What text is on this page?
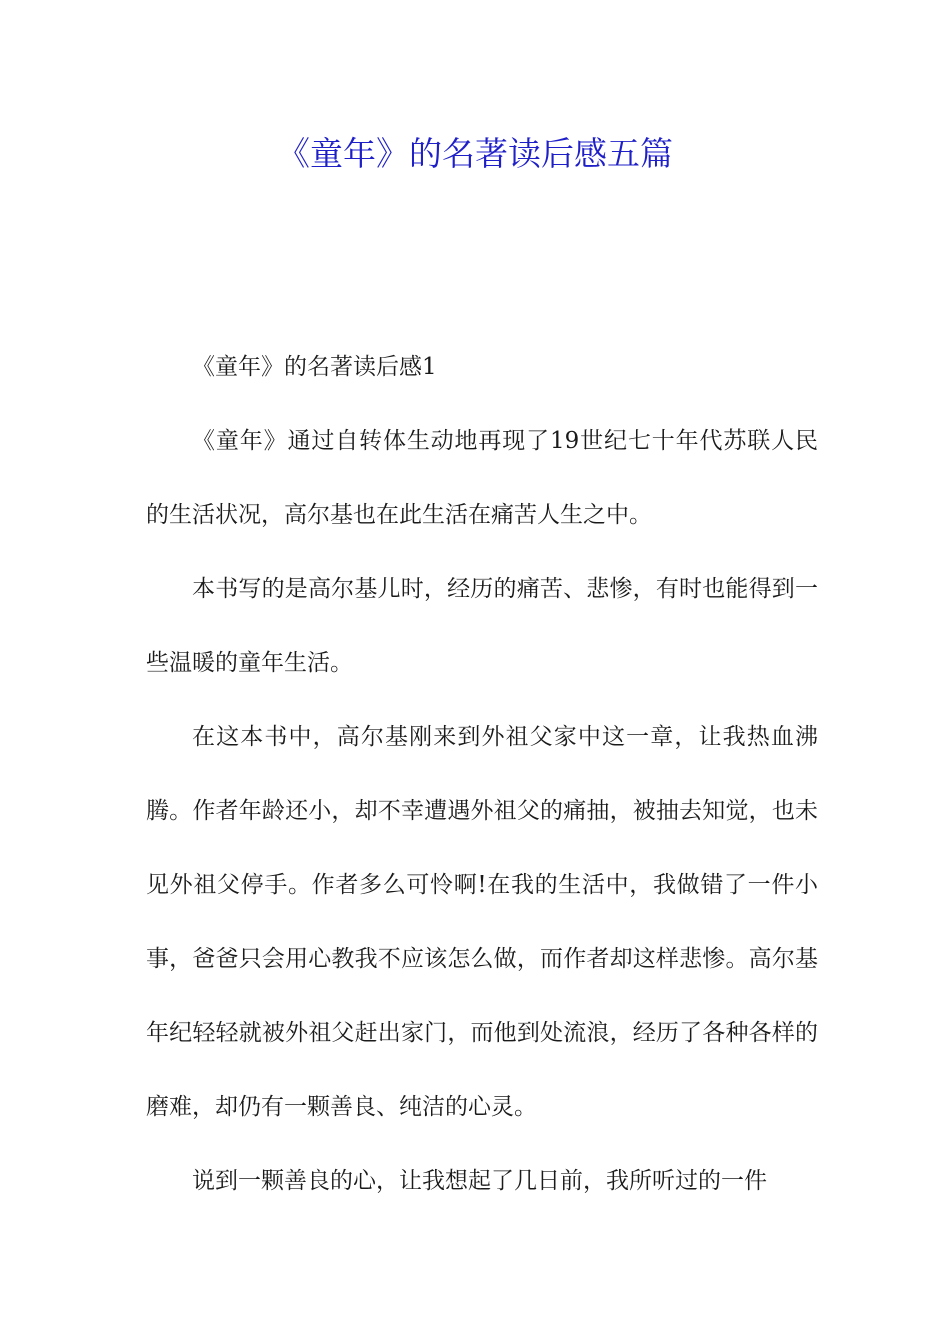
《童年》的名著读后感五篇

《童年》的名著读后感1

《童年》通过自转体生动地再现了19世纪七十年代苏联人民的生活状况，高尔基也在此生活在痛苦人生之中。

本书写的是高尔基儿时，经历的痛苦、悲惨，有时也能得到一些温暖的童年生活。

在这本书中，高尔基刚来到外祖父家中这一章，让我热血沸腾。作者年龄还小，却不幸遭遇外祖父的痛抽，被抽去知觉，也未见外祖父停手。作者多么可怜啊!在我的生活中，我做错了一件小事，爸爸只会用心教我不应该怎么做，而作者却这样悲惨。高尔基年纪轻轻就被外祖父赶出家门，而他到处流浪，经历了各种各样的磨难，却仍有一颗善良、纯洁的心灵。

说到一颗善良的心，让我想起了几日前，我所听过的一件
